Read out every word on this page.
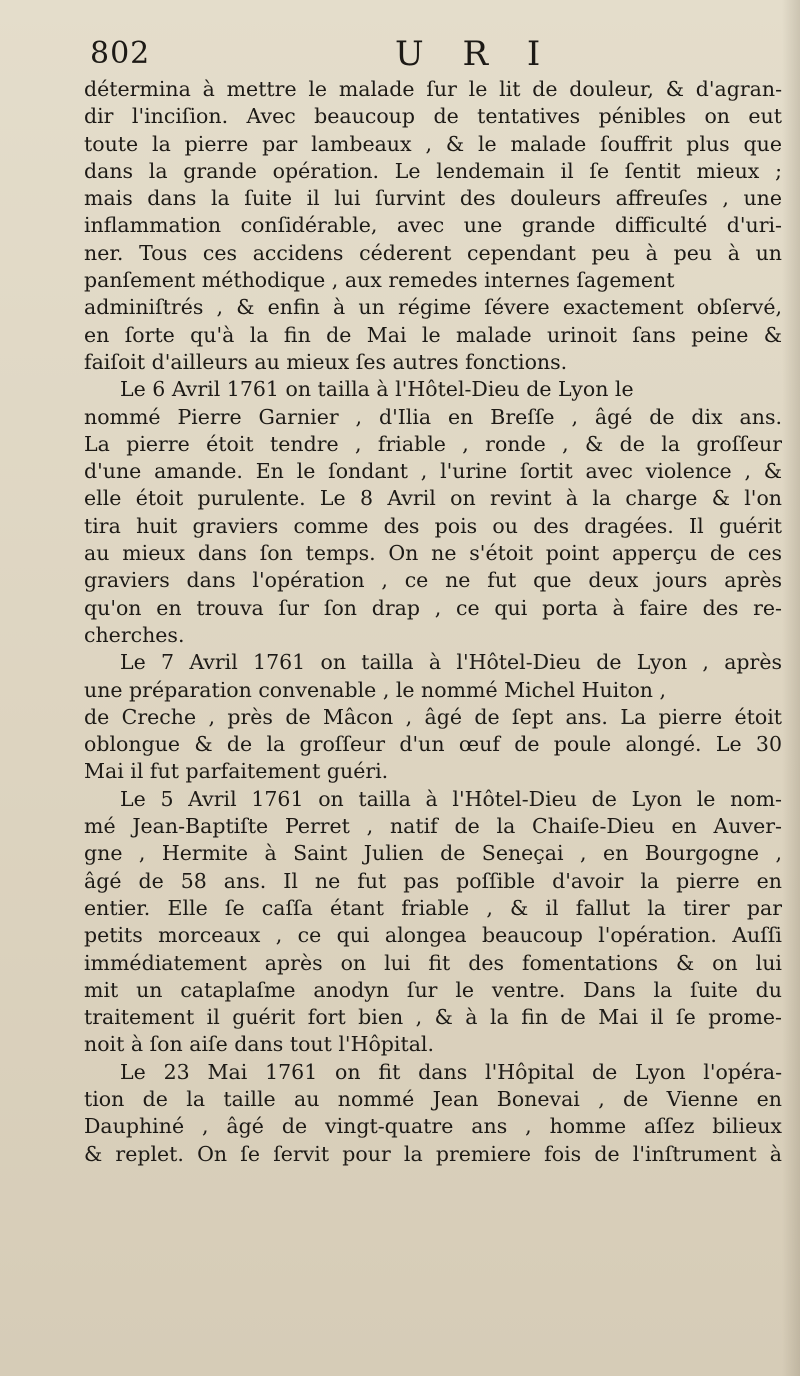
802	U R I
détermina à mettre le malade ſur le lit de douleur, & d'agran-
dir l'inciſion. Avec beaucoup de tentatives pénibles on eut
toute la pierre par lambeaux , & le malade ſouffrit plus que
dans la grande opération. Le lendemain il ſe ſentit mieux ;
mais dans la ſuite il lui ſurvint des douleurs affreuſes , une
inflammation conſidérable, avec une grande difficulté d'uri-
ner. Tous ces accidens céderent cependant peu à peu à un
panſement méthodique , aux remedes internes ſagement
adminiſtrés , & enfin à un régime ſévere exactement obſervé,
en ſorte qu'à la fin de Mai le malade urinoit ſans peine &
faiſoit d'ailleurs au mieux ſes autres fonctions.
Le 6 Avril 1761 on tailla à l'Hôtel-Dieu de Lyon le
nommé Pierre Garnier , d'Ilia en Breſſe , âgé de dix ans.
La pierre étoit tendre , friable , ronde , & de la groſſeur
d'une amande. En le ſondant , l'urine ſortit avec violence , &
elle étoit purulente. Le 8 Avril on revint à la charge & l'on
tira huit graviers comme des pois ou des dragées. Il guérit
au mieux dans ſon temps. On ne s'étoit point apperçu de ces
graviers dans l'opération , ce ne fut que deux jours après
qu'on en trouva ſur ſon drap , ce qui porta à faire des re-
cherches.
Le 7 Avril 1761 on tailla à l'Hôtel-Dieu de Lyon , après
une préparation convenable , le nommé Michel Huiton ,
de Creche , près de Mâcon , âgé de ſept ans. La pierre étoit
oblongue & de la groſſeur d'un œuf de poule alongé. Le 30
Mai il fut parfaitement guéri.
Le 5 Avril 1761 on tailla à l'Hôtel-Dieu de Lyon le nom-
mé Jean-Baptiſte Perret , natif de la Chaiſe-Dieu en Auver-
gne , Hermite à Saint Julien de Seneçai , en Bourgogne ,
âgé de 58 ans. Il ne fut pas poſſible d'avoir la pierre en
entier. Elle ſe caſſa étant friable , & il fallut la tirer par
petits morceaux , ce qui alongea beaucoup l'opération. Auſſi
immédiatement après on lui fit des fomentations & on lui
mit un cataplaſme anodyn ſur le ventre. Dans la ſuite du
traitement il guérit fort bien , & à la fin de Mai il ſe prome-
noit à ſon aiſe dans tout l'Hôpital.
Le 23 Mai 1761 on fit dans l'Hôpital de Lyon l'opéra-
tion de la taille au nommé Jean Bonevai , de Vienne en
Dauphiné , âgé de vingt-quatre ans , homme aſſez bilieux
& replet. On ſe ſervit pour la premiere fois de l'inſtrument à
